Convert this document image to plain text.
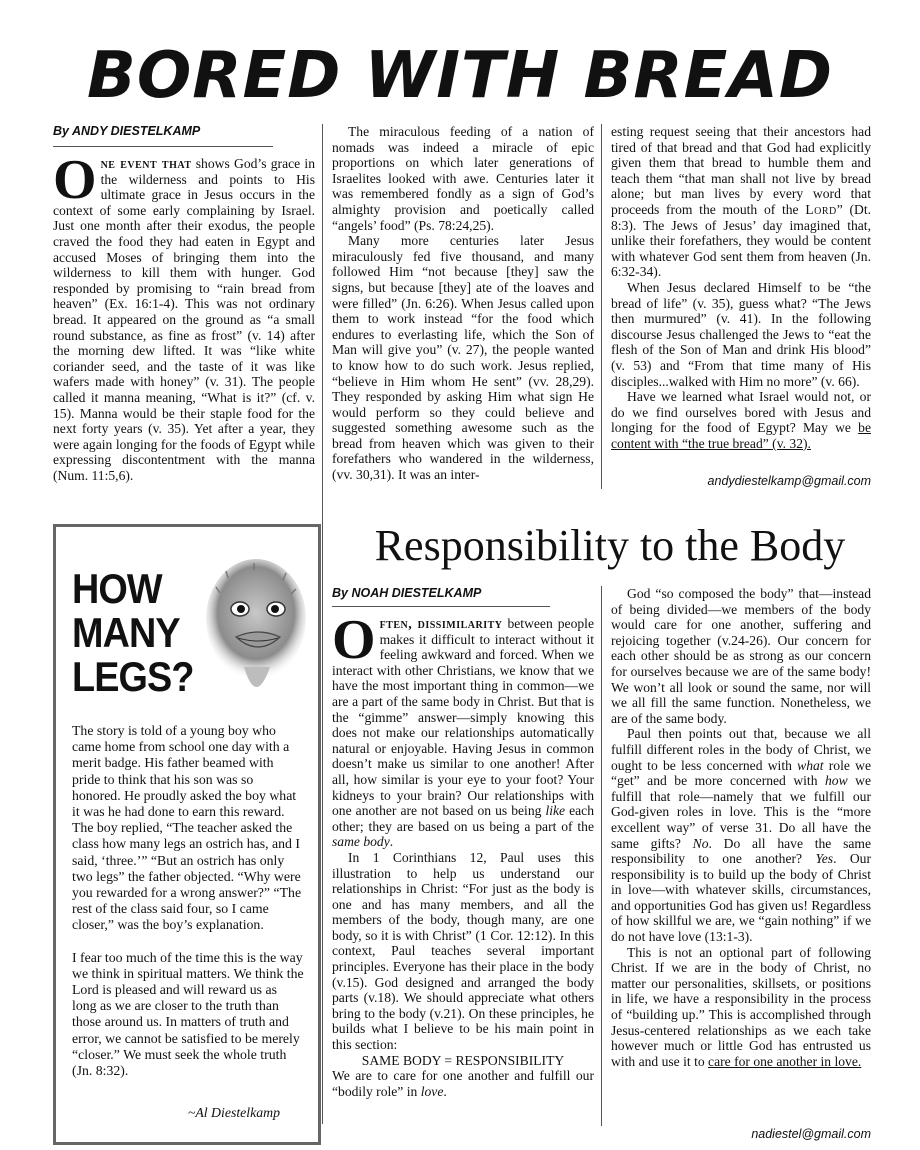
BORED WITH BREAD
By ANDY DIESTELKAMP

One event that shows God’s grace in the wilderness and points to His ultimate grace in Jesus occurs in the context of some early complaining by Israel. Just one month after their exodus, the people craved the food they had eaten in Egypt and accused Moses of bringing them into the wilderness to kill them with hunger. God responded by promising to “rain bread from heaven” (Ex. 16:1-4). This was not ordinary bread. It appeared on the ground as “a small round substance, as fine as frost” (v. 14) after the morning dew lifted. It was “like white coriander seed, and the taste of it was like wafers made with honey” (v. 31). The people called it manna meaning, “What is it?” (cf. v. 15). Manna would be their staple food for the next forty years (v. 35). Yet after a year, they were again longing for the foods of Egypt while expressing discontentment with the manna (Num. 11:5,6).

The miraculous feeding of a nation of nomads was indeed a miracle of epic proportions on which later generations of Israelites looked with awe. Centuries later it was remembered fondly as a sign of God’s almighty provision and poetically called “angels’ food” (Ps. 78:24,25).

Many more centuries later Jesus miraculously fed five thousand, and many followed Him “not because [they] saw the signs, but because [they] ate of the loaves and were filled” (Jn. 6:26). When Jesus called upon them to work instead “for the food which endures to everlasting life, which the Son of Man will give you” (v. 27), the people wanted to know how to do such work. Jesus replied, “believe in Him whom He sent” (vv. 28,29). They responded by asking Him what sign He would perform so they could believe and suggested something awesome such as the bread from heaven which was given to their forefathers who wandered in the wilderness, (vv. 30,31). It was an inter-

esting request seeing that their ancestors had tired of that bread and that God had explicitly given them that bread to humble them and teach them “that man shall not live by bread alone; but man lives by every word that proceeds from the mouth of the Lord” (Dt. 8:3). The Jews of Jesus’ day imagined that, unlike their forefathers, they would be content with whatever God sent them from heaven (Jn. 6:32-34).

When Jesus declared Himself to be “the bread of life” (v. 35), guess what? “The Jews then murmured” (v. 41). In the following discourse Jesus challenged the Jews to “eat the flesh of the Son of Man and drink His blood” (v. 53) and “From that time many of His disciples...walked with Him no more” (v. 66).

Have we learned what Israel would not, or do we find ourselves bored with Jesus and longing for the food of Egypt? May we be content with “the true bread” (v. 32).

andydiestelkamp@gmail.com
HOW
MANY
LEGS?

The story is told of a young boy who came home from school one day with a merit badge. His father beamed with pride to think that his son was so honored. He proudly asked the boy what it was he had done to earn this reward. The boy replied, “The teacher asked the class how many legs an ostrich has, and I said, ‘three.’” “But an ostrich has only two legs” the father objected. “Why were you rewarded for a wrong answer?” “The rest of the class said four, so I came closer,” was the boy’s explanation.

I fear too much of the time this is the way we think in spiritual matters. We think the Lord is pleased and will reward us as long as we are closer to the truth than those around us. In matters of truth and error, we cannot be satisfied to be merely “closer.” We must seek the whole truth (Jn. 8:32).

~Al Diestelkamp
Responsibility to the Body
By NOAH DIESTELKAMP

Often, dissimilarity between people makes it difficult to interact without it feeling awkward and forced. When we interact with other Christians, we know that we have the most important thing in common—we are a part of the same body in Christ. But that is the “gimme” answer—simply knowing this does not make our relationships automatically natural or enjoyable. Having Jesus in common doesn’t make us similar to one another! After all, how similar is your eye to your foot? Your kidneys to your brain? Our relationships with one another are not based on us being like each other; they are based on us being a part of the same body.

In 1 Corinthians 12, Paul uses this illustration to help us understand our relationships in Christ: “For just as the body is one and has many members, and all the members of the body, though many, are one body, so it is with Christ” (1 Cor. 12:12). In this context, Paul teaches several important principles. Everyone has their place in the body (v.15). God designed and arranged the body parts (v.18). We should appreciate what others bring to the body (v.21). On these principles, he builds what I believe to be his main point in this section:

SAME BODY = RESPONSIBILITY

We are to care for one another and fulfill our “bodily role” in love.

God “so composed the body” that—instead of being divided—we members of the body would care for one another, suffering and rejoicing together (v.24-26). Our concern for each other should be as strong as our concern for ourselves because we are of the same body! We won’t all look or sound the same, nor will we all fill the same function. Nonetheless, we are of the same body.

Paul then points out that, because we all fulfill different roles in the body of Christ, we ought to be less concerned with what role we “get” and be more concerned with how we fulfill that role—namely that we fulfill our God-given roles in love. This is the “more excellent way” of verse 31. Do all have the same gifts? No. Do all have the same responsibility to one another? Yes. Our responsibility is to build up the body of Christ in love—with whatever skills, circumstances, and opportunities God has given us! Regardless of how skillful we are, we “gain nothing” if we do not have love (13:1-3).

This is not an optional part of following Christ. If we are in the body of Christ, no matter our personalities, skillsets, or positions in life, we have a responsibility in the process of “building up.” This is accomplished through Jesus-centered relationships as we each take however much or little God has entrusted us with and use it to care for one another in love.

nadiestel@gmail.com
